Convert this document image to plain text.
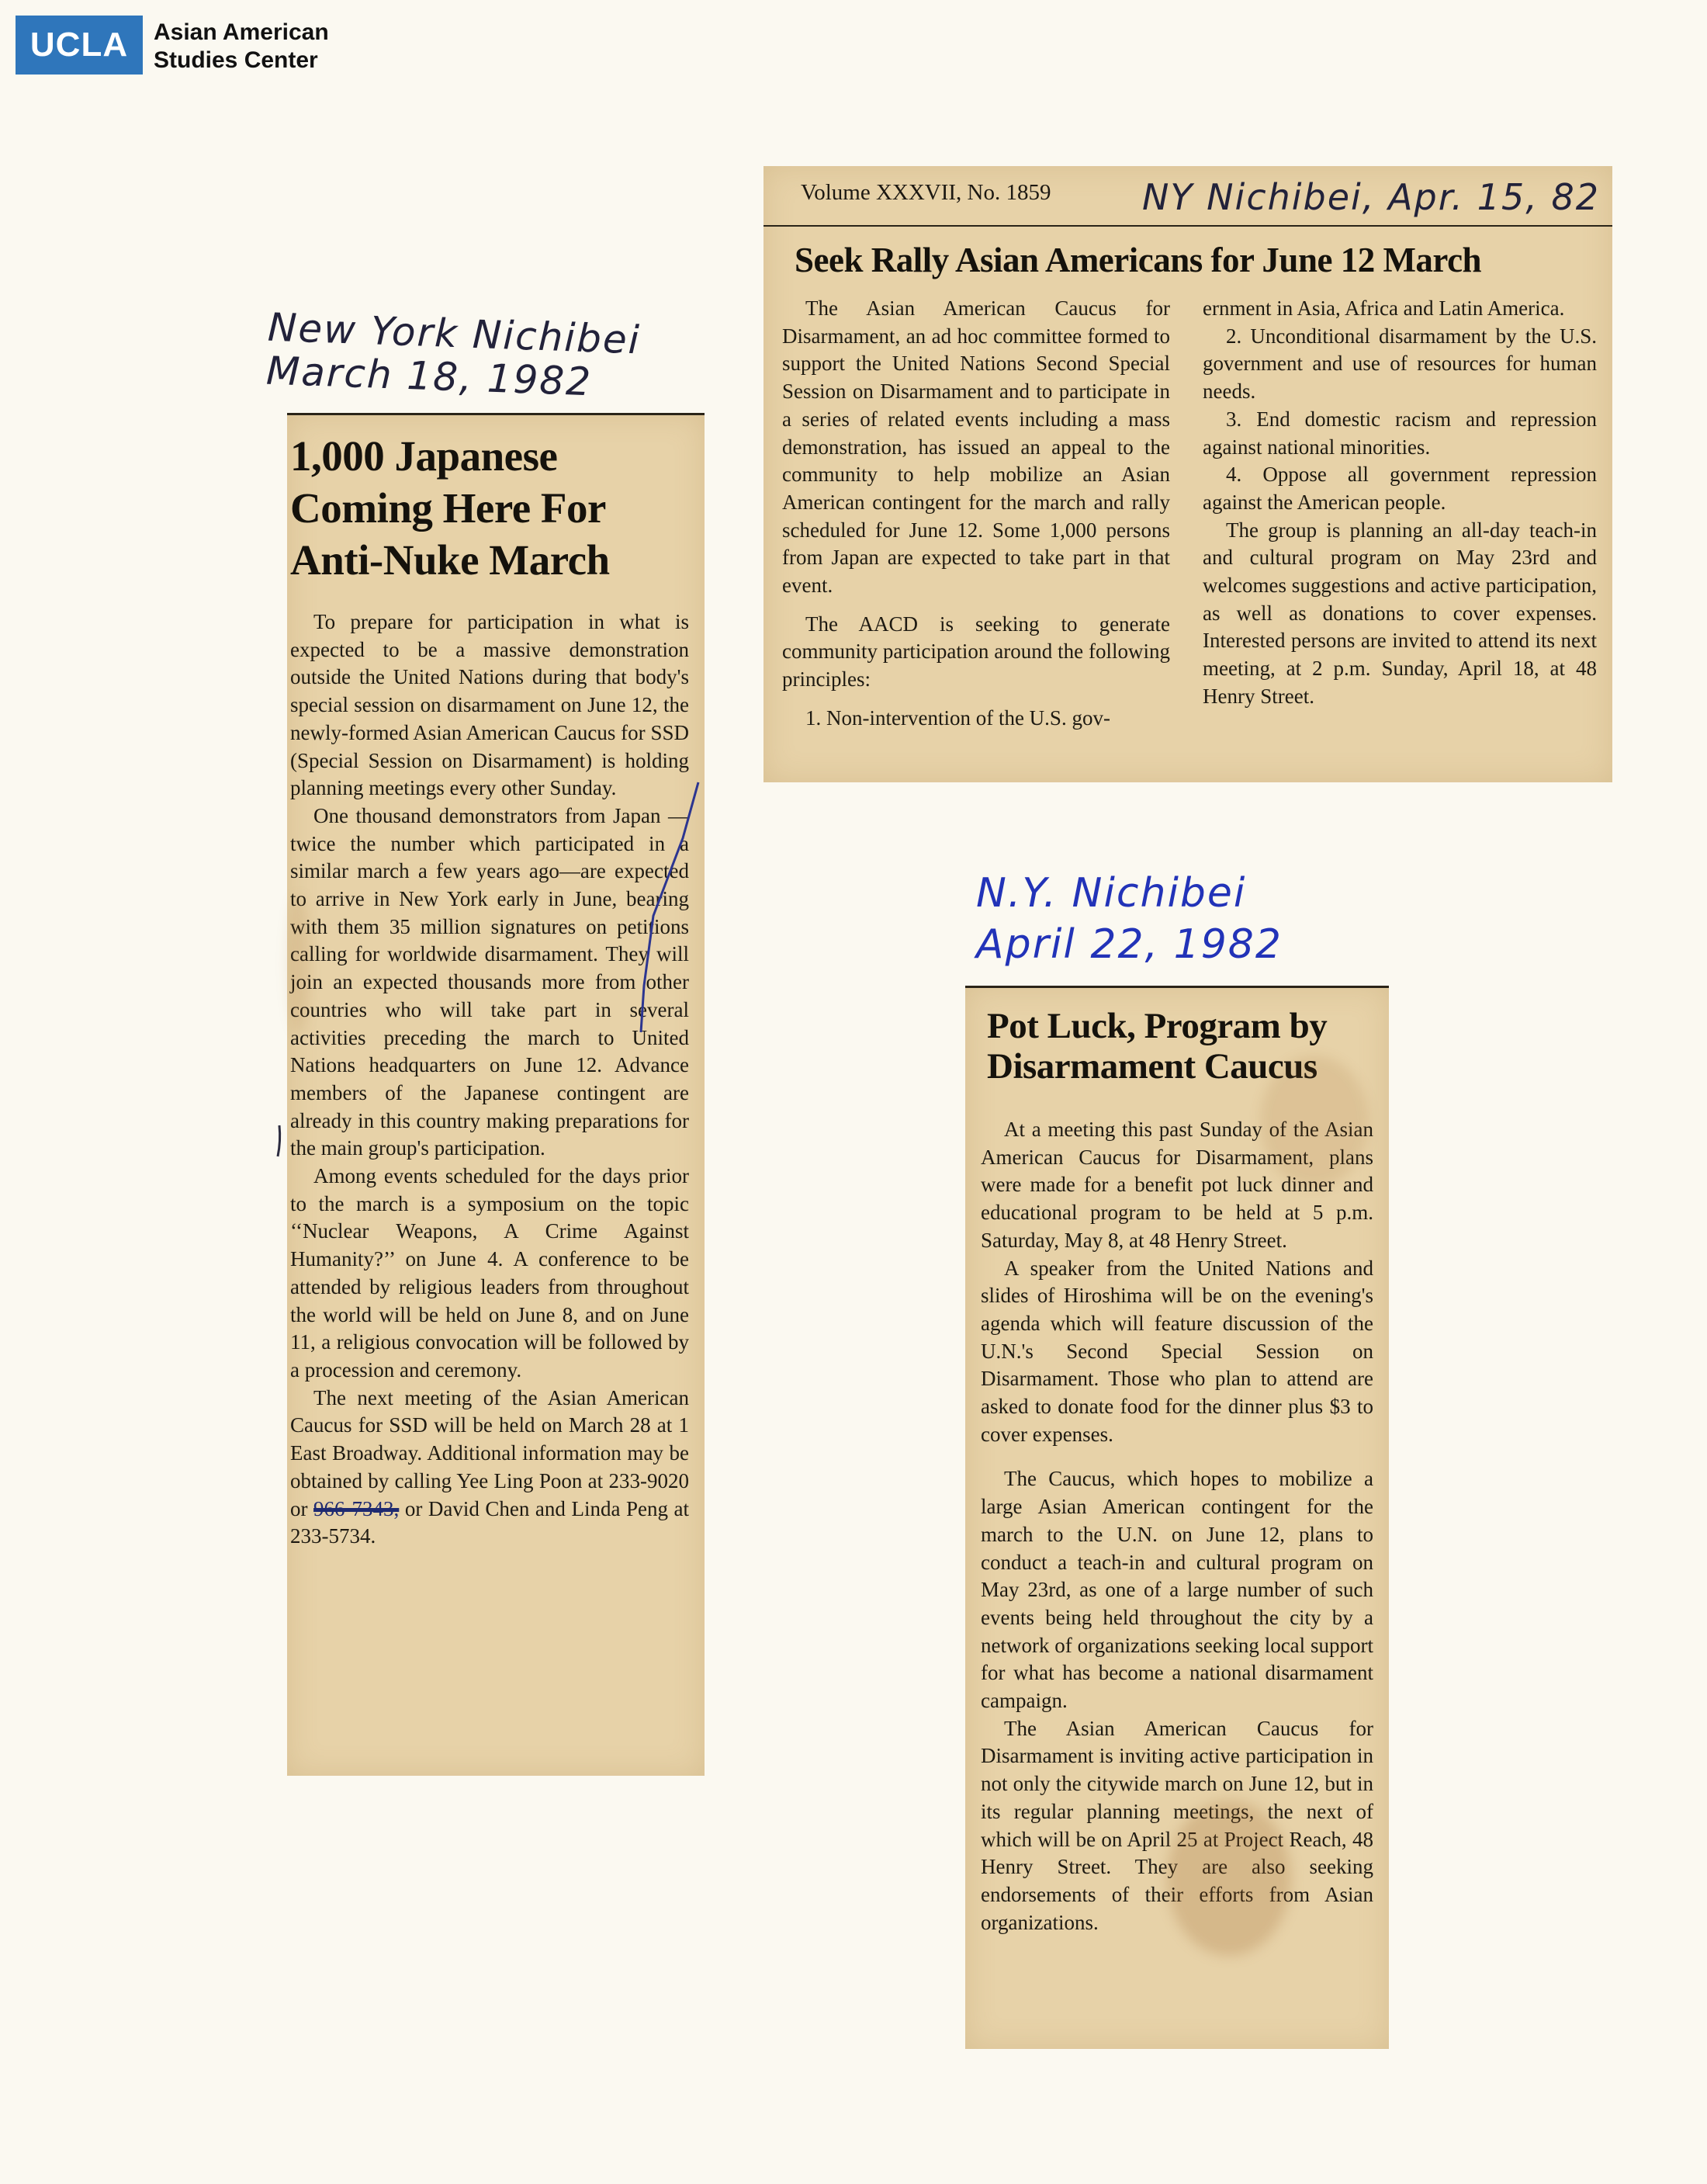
UCLA	Asian American
Studies Center
New York Nichibei
March 18, 1982
1,000 Japanese
Coming Here For
Anti-Nuke March

To prepare for participation in what is expected to be a massive demonstration outside the United Nations during that body's special session on disarmament on June 12, the newly-formed Asian American Caucus for SSD (Special Session on Disarmament) is holding planning meetings every other Sunday.

One thousand demonstrators from Japan — twice the number which participated in a similar march a few years ago—are expected to arrive in New York early in June, bearing with them 35 million signatures on petitions calling for worldwide disarmament. They will join an expected thousands more from other countries who will take part in several activities preceding the march to United Nations headquarters on June 12. Advance members of the Japanese contingent are already in this country making preparations for the main group's participation.

Among events scheduled for the days prior to the march is a symposium on the topic ‘‘Nuclear Weapons, A Crime Against Humanity?’’ on June 4. A conference to be attended by religious leaders from throughout the world will be held on June 8, and on June 11, a religious convocation will be followed by a procession and ceremony.

The next meeting of the Asian American Caucus for SSD will be held on March 28 at 1 East Broadway. Additional information may be obtained by calling Yee Ling Poon at 233-9020 or 966-7343, or David Chen and Linda Peng at 233-5734.

Volume XXXVII, No. 1859	NY Nichibei, Apr. 15, 82
Seek Rally Asian Americans for June 12 March

The Asian American Caucus for Disarmament, an ad hoc committee formed to support the United Nations Second Special Session on Disarmament and to participate in a series of related events including a mass demonstration, has issued an appeal to the community to help mobilize an Asian American contingent for the march and rally scheduled for June 12. Some 1,000 persons from Japan are expected to take part in that event.

The AACD is seeking to generate community participation around the following principles:

1. Non-intervention of the U.S. gov-

ernment in Asia, Africa and Latin America.

2. Unconditional disarmament by the U.S. government and use of resources for human needs.

3. End domestic racism and repression against national minorities.

4. Oppose all government repression against the American people.

The group is planning an all-day teach-in and cultural program on May 23rd and welcomes suggestions and active participation, as well as donations to cover expenses. Interested persons are invited to attend its next meeting, at 2 p.m. Sunday, April 18, at 48 Henry Street.

N.Y. Nichibei
April 22, 1982
Pot Luck, Program by
Disarmament Caucus

At a meeting this past Sunday of the Asian American Caucus for Disarmament, plans were made for a benefit pot luck dinner and educational program to be held at 5 p.m. Saturday, May 8, at 48 Henry Street.

A speaker from the United Nations and slides of Hiroshima will be on the evening's agenda which will feature discussion of the U.N.'s Second Special Session on Disarmament. Those who plan to attend are asked to donate food for the dinner plus $3 to cover expenses.

The Caucus, which hopes to mobilize a large Asian American contingent for the march to the U.N. on June 12, plans to conduct a teach-in and cultural program on May 23rd, as one of a large number of such events being held throughout the city by a network of organizations seeking local support for what has become a national disarmament campaign.

The Asian American Caucus for Disarmament is inviting active participation in not only the citywide march on June 12, but in its regular planning meetings, the next of which will be on April 25 at Project Reach, 48 Henry Street. They are also seeking endorsements of their efforts from Asian organizations.
